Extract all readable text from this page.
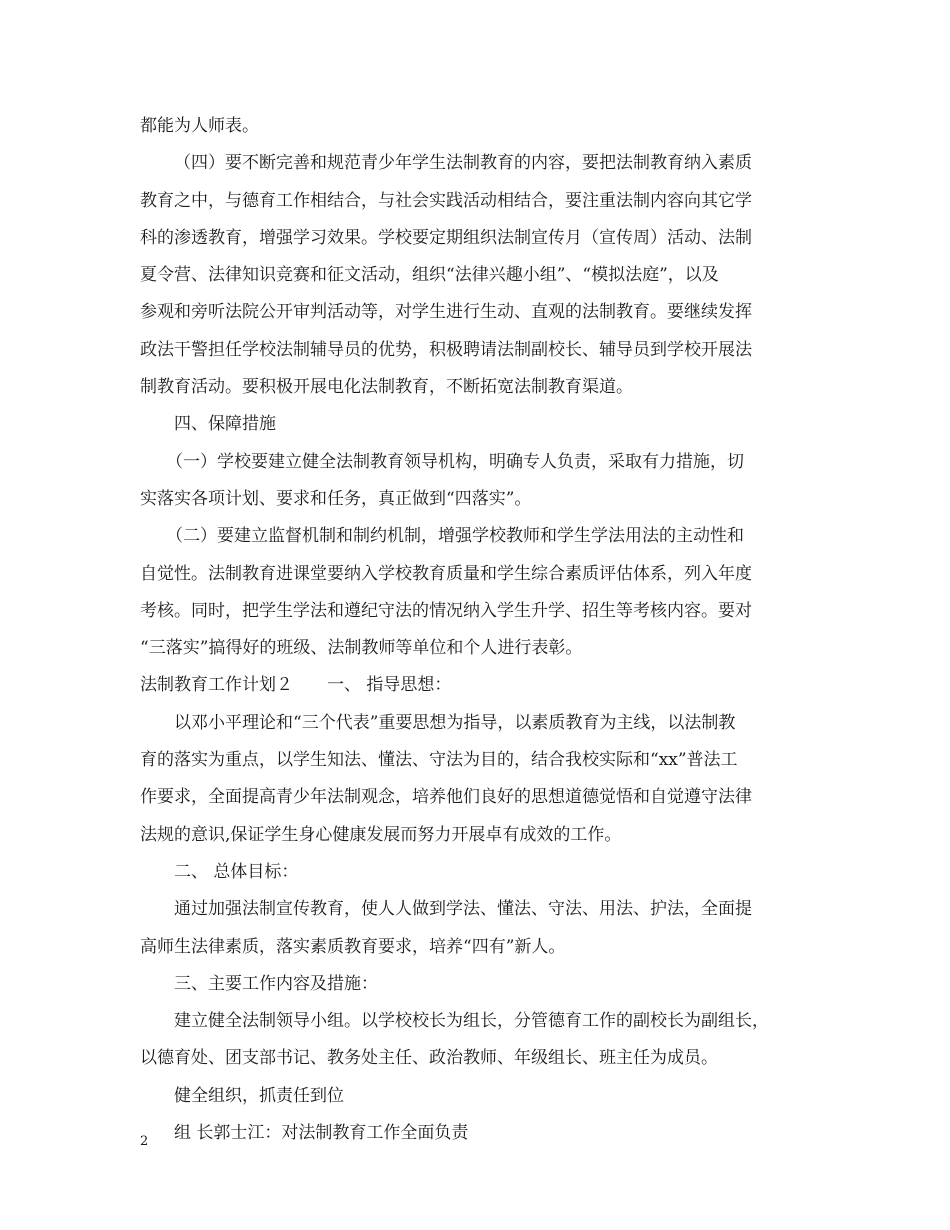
都能为人师表。
（四）要不断完善和规范青少年学生法制教育的内容，要把法制教育纳入素质
教育之中，与德育工作相结合，与社会实践活动相结合，要注重法制内容向其它学
科的渗透教育，增强学习效果。学校要定期组织法制宣传月（宣传周）活动、法制
夏令营、法律知识竞赛和征文活动，组织“法律兴趣小组”、“模拟法庭”，以及
参观和旁听法院公开审判活动等，对学生进行生动、直观的法制教育。要继续发挥
政法干警担任学校法制辅导员的优势，积极聘请法制副校长、辅导员到学校开展法
制教育活动。要积极开展电化法制教育，不断拓宽法制教育渠道。
四、保障措施
（一）学校要建立健全法制教育领导机构，明确专人负责，采取有力措施，切
实落实各项计划、要求和任务，真正做到“四落实”。
（二）要建立监督机制和制约机制，增强学校教师和学生学法用法的主动性和
自觉性。法制教育进课堂要纳入学校教育质量和学生综合素质评估体系，列入年度
考核。同时，把学生学法和遵纪守法的情况纳入学生升学、招生等考核内容。要对
“三落实”搞得好的班级、法制教师等单位和个人进行表彰。
法制教育工作计划２ 一、 指导思想：
以邓小平理论和“三个代表”重要思想为指导，以素质教育为主线，以法制教
育的落实为重点，以学生知法、懂法、守法为目的，结合我校实际和“xx”普法工
作要求，全面提高青少年法制观念，培养他们良好的思想道德觉悟和自觉遵守法律
法规的意识,保证学生身心健康发展而努力开展卓有成效的工作。
二、 总体目标：
通过加强法制宣传教育，使人人做到学法、懂法、守法、用法、护法，全面提
高师生法律素质，落实素质教育要求，培养“四有”新人。
三、主要工作内容及措施：
建立健全法制领导小组。以学校校长为组长，分管德育工作的副校长为副组长，
以德育处、团支部书记、教务处主任、政治教师、年级组长、班主任为成员。
健全组织，抓责任到位
组 长郭士江：对法制教育工作全面负责
2
